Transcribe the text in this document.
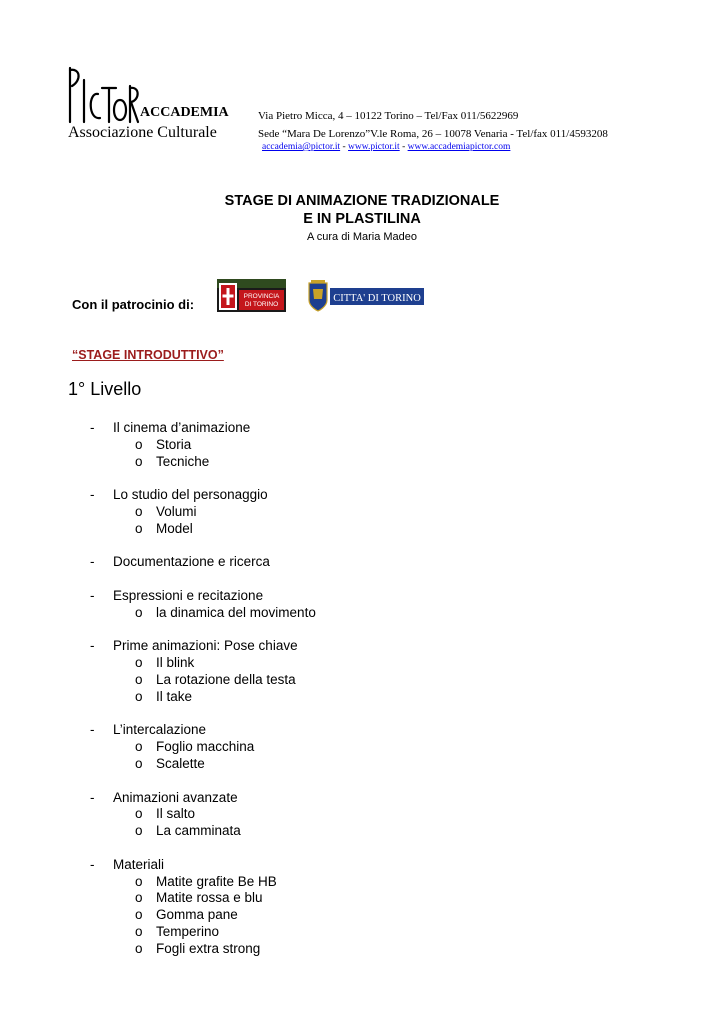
ACCADEMIA
Associazione Culturale
Via Pietro Micca, 4 – 10122 Torino – Tel/Fax 011/5622969
Sede “Mara De Lorenzo”V.le Roma, 26 – 10078 Venaria - Tel/fax 011/4593208
accademia@pictor.it - www.pictor.it - www.accademiapictor.com
STAGE DI ANIMAZIONE TRADIZIONALE
E IN PLASTILINA
A cura di Maria Madeo
Con il patrocinio di:
PROVINCIA
DI TORINO
CITTA' DI TORINO
“STAGE INTRODUTTIVO”
1° Livello
- Il cinema d’animazione
o Storia
o Tecniche
- Lo studio del personaggio
o Volumi
o Model
- Documentazione e ricerca
- Espressioni e recitazione
o la dinamica del movimento
- Prime animazioni: Pose chiave
o Il blink
o La rotazione della testa
o Il take
- L’intercalazione
o Foglio macchina
o Scalette
- Animazioni avanzate
o Il salto
o La camminata
- Materiali
o Matite grafite Be HB
o Matite rossa e blu
o Gomma pane
o Temperino
o Fogli extra strong
